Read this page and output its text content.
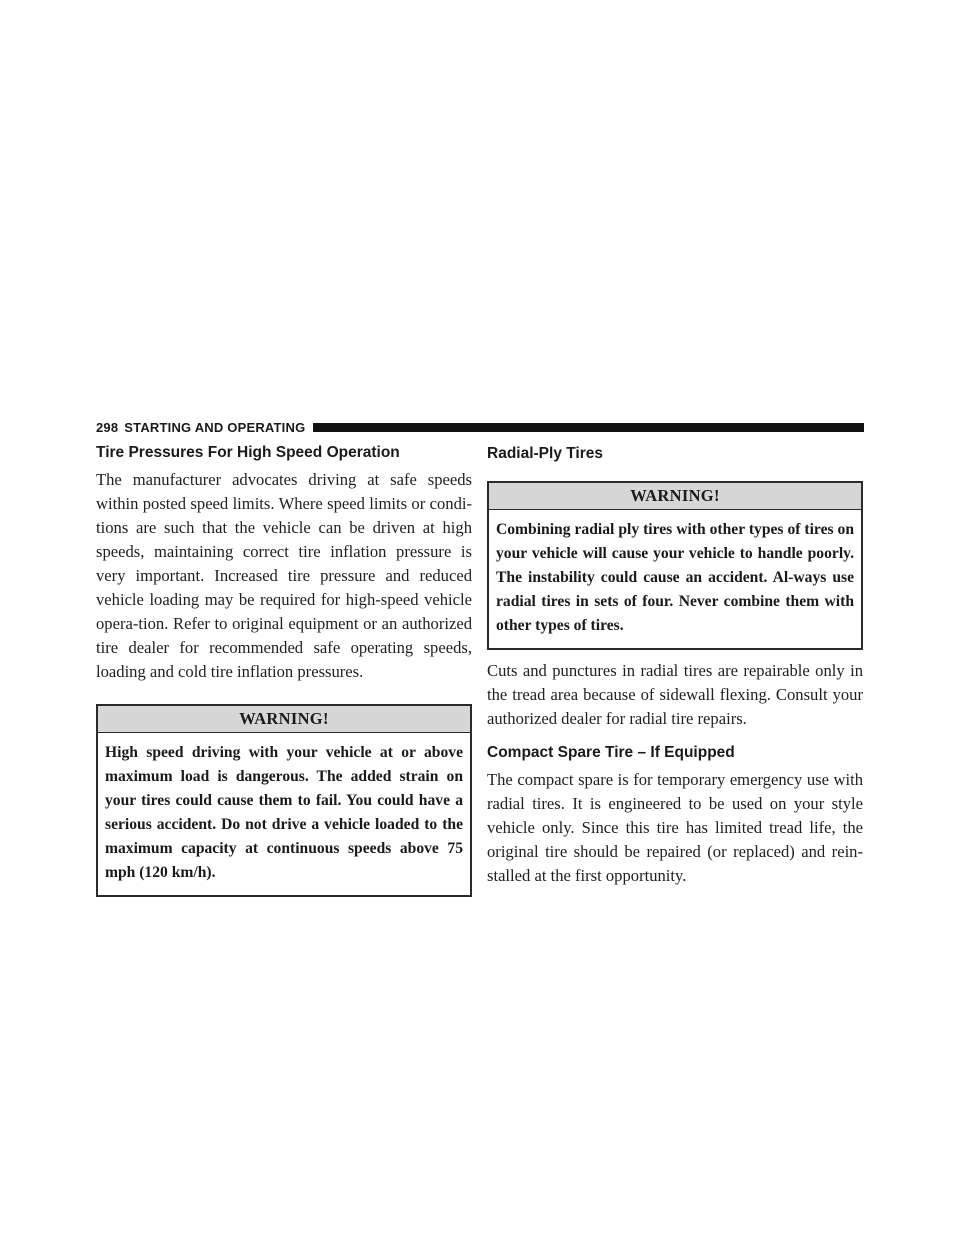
298 STARTING AND OPERATING
Tire Pressures For High Speed Operation

The manufacturer advocates driving at safe speeds within posted speed limits. Where speed limits or condi-tions are such that the vehicle can be driven at high speeds, maintaining correct tire inflation pressure is very important. Increased tire pressure and reduced vehicle loading may be required for high-speed vehicle opera-tion. Refer to original equipment or an authorized tire dealer for recommended safe operating speeds, loading and cold tire inflation pressures.

WARNING!
High speed driving with your vehicle at or above maximum load is dangerous. The added strain on your tires could cause them to fail. You could have a serious accident. Do not drive a vehicle loaded to the maximum capacity at continuous speeds above 75 mph (120 km/h).
Radial-Ply Tires
WARNING!
Combining radial ply tires with other types of tires on your vehicle will cause your vehicle to handle poorly. The instability could cause an accident. Al-ways use radial tires in sets of four. Never combine them with other types of tires.

Cuts and punctures in radial tires are repairable only in the tread area because of sidewall flexing. Consult your authorized dealer for radial tire repairs.

Compact Spare Tire – If Equipped

The compact spare is for temporary emergency use with radial tires. It is engineered to be used on your style vehicle only. Since this tire has limited tread life, the original tire should be repaired (or replaced) and rein-stalled at the first opportunity.
